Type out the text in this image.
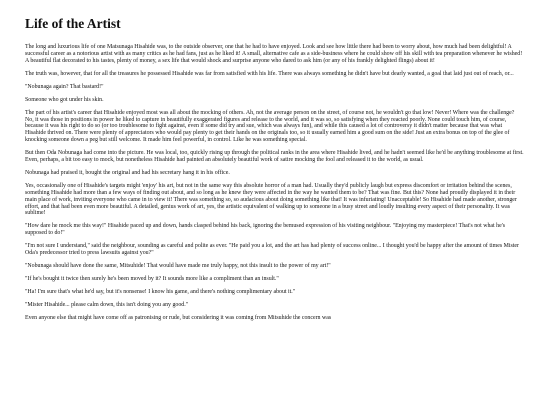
Life of the Artist

The long and luxurious life of one Matsunaga Hisahide was, to the outside observer, one that he had to have enjoyed. Look and see how little there had been to worry about, how much had been delightful! A successful career as a notorious artist with as many critics as he had fans, just as he liked it! A small, alternative cafe as a side-business where he could show off his skill with tea preparation whenever he wished! A beautiful flat decorated to his tastes, plenty of money, a sex life that would shock and surprise anyone who dared to ask him (or any of his frankly delighted flings) about it!

The truth was, however, that for all the treasures he possessed Hisahide was far from satisfied with his life. There was always something he didn't have but dearly wanted, a goal that laid just out of reach, or...

"Nobunaga again? That bastard!"

Someone who got under his skin.

The part of his artist's career that Hisahide enjoyed most was all about the mocking of others. Ah, not the average person on the street, of course not, he wouldn't go that low! Never! Where was the challenge? No, it was those in positions in power he liked to capture in beautifully exaggerated figures and release to the world, and it was so, so satisfying when they reacted poorly. None could touch him, of course, because it was his right to do so (or too troublesome to fight against, even if some did try and sue, which was always fun), and while this caused a lot of controversy it didn't matter because that was what Hisahide thrived on. There were plenty of appreciators who would pay plenty to get their hands on the originals too, so it usually earned him a good sum on the side! Just an extra bonus on top of the glee of knocking someone down a peg but still welcome. It made him feel powerful, in control. Like he was something special.

But then Oda Nobunaga had come into the picture. He was local, too, quickly rising up through the political ranks in the area where Hisahide lived, and he hadn't seemed like he'd be anything troublesome at first. Even, perhaps, a bit too easy to mock, but nonetheless Hisahide had painted an absolutely beautiful work of satire mocking the fool and released it to the world, as usual.

Nobunaga had praised it, bought the original and had his secretary hang it in his office.

Yes, occasionally one of Hisahide's targets might 'enjoy' his art, but not in the same way this absolute horror of a man had. Usually they'd publicly laugh but express discomfort or irritation behind the scenes, something Hisahide had more than a few ways of finding out about, and so long as he knew they were affected in the way he wanted them to be? That was fine. But this? None had proudly displayed it in their main place of work, inviting everyone who came in to view it! There was something so, so audacious about doing something like that! It was infuriating! Unacceptable! So Hisahide had made another, stronger effort, and that had been even more beautiful. A detailed, genius work of art, yes, the artistic equivalent of walking up to someone in a busy street and loudly insulting every aspect of their personality. It was sublime!

"How dare he mock me this way!" Hisahide paced up and down, hands clasped behind his back, ignoring the bemused expression of his visiting neighbour. "Enjoying my masterpiece! That's not what he's supposed to do!"

"I'm not sure I understand," said the neighbour, sounding as careful and polite as ever. "He paid you a lot, and the art has had plenty of success online... I thought you'd be happy after the amount of times Mister Oda's predecessor tried to press lawsuits against you?"

"Nobunaga should have done the same, Mitsuhide! That would have made me truly happy, not this insult to the power of my art!"

"If he's bought it twice then surely he's been moved by it? It sounds more like a compliment than an insult."

"Ha! I'm sure that's what he'd say, but it's nonsense! I know his game, and there's nothing complimentary about it."

"Mister Hisahide... please calm down, this isn't doing you any good."

Even anyone else that might have come off as patronising or rude, but considering it was coming from Mitsuhide the concern was
